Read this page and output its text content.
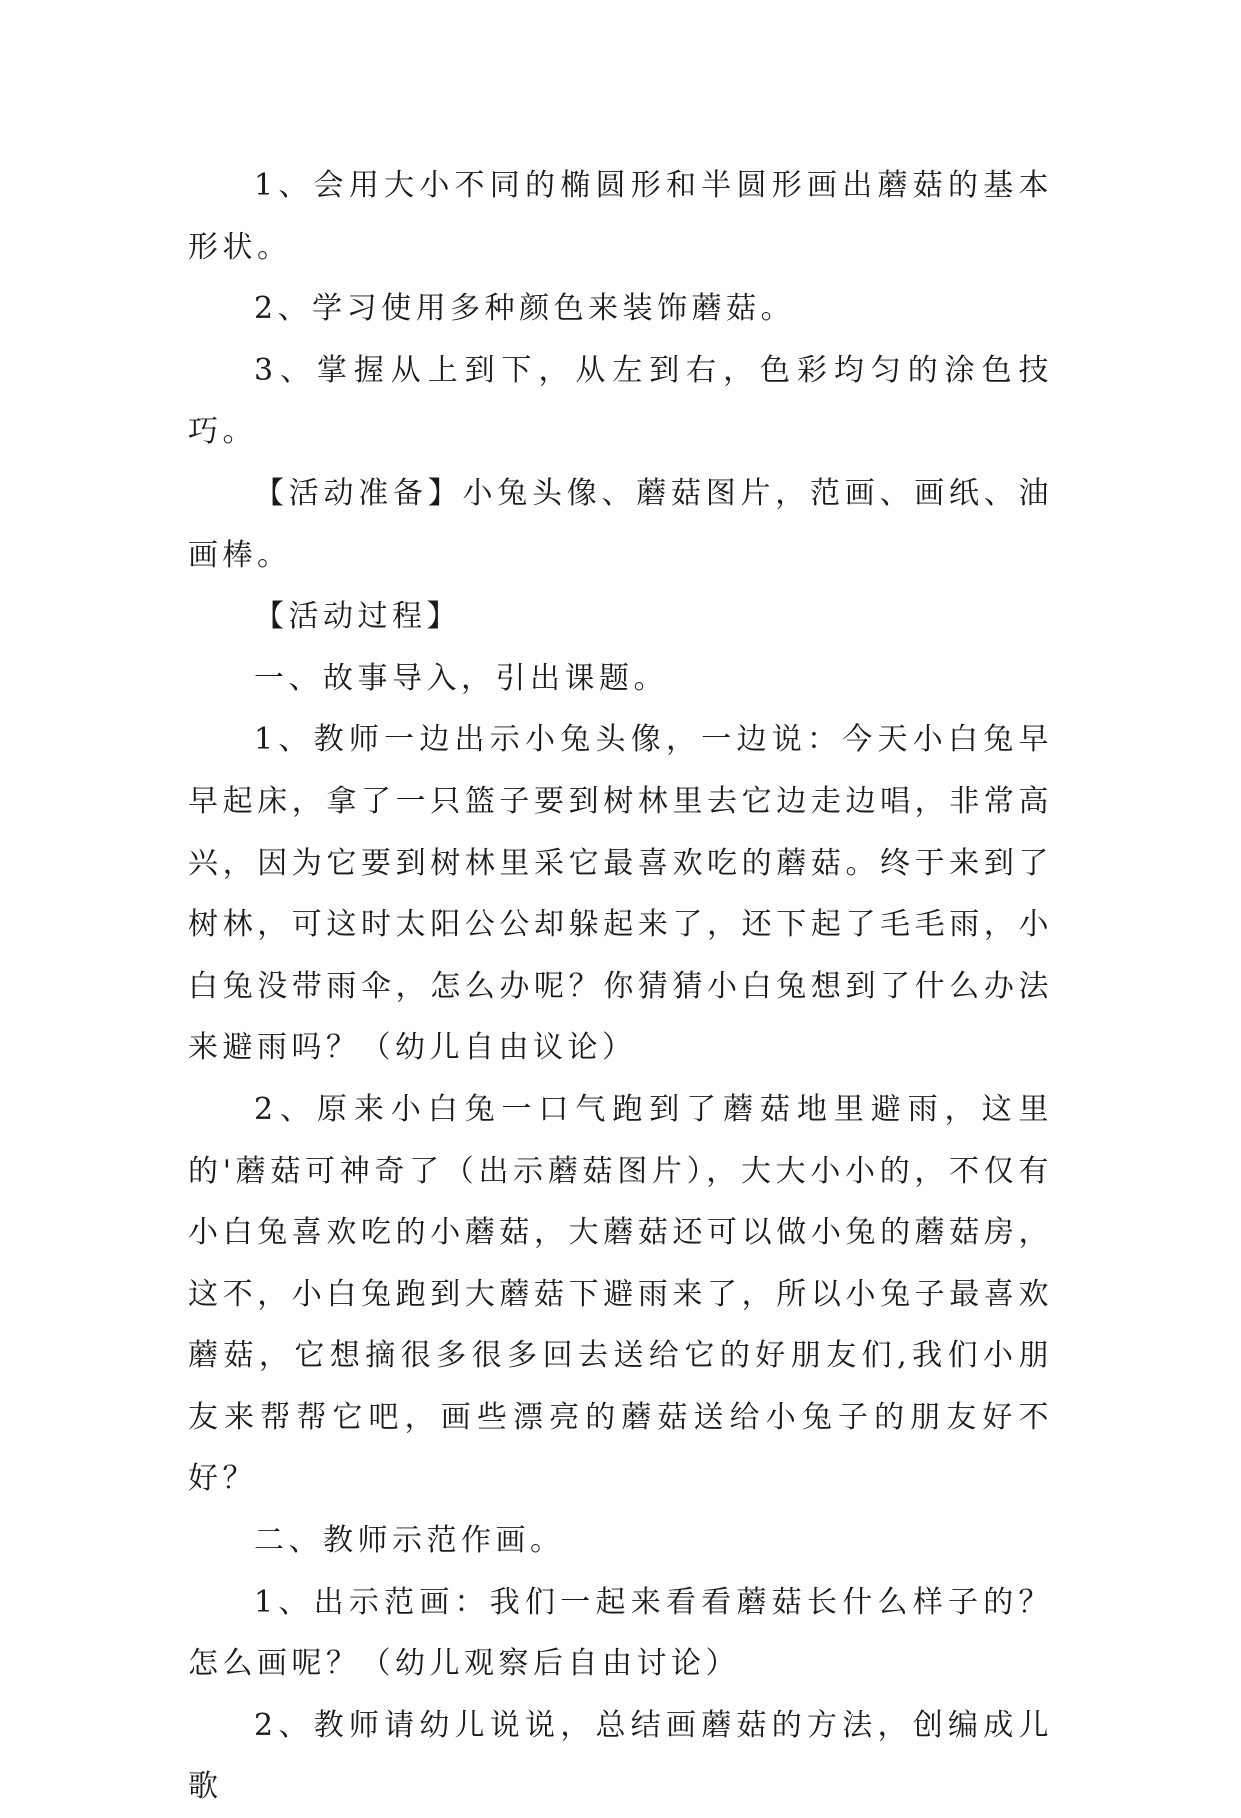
1、会用大小不同的椭圆形和半圆形画出蘑菇的基本形状。

2、学习使用多种颜色来装饰蘑菇。

3、掌握从上到下，从左到右，色彩均匀的涂色技巧。

【活动准备】小兔头像、蘑菇图片，范画、画纸、油画棒。

【活动过程】

一、故事导入，引出课题。

1、教师一边出示小兔头像，一边说：今天小白兔早早起床，拿了一只篮子要到树林里去它边走边唱，非常高兴，因为它要到树林里采它最喜欢吃的蘑菇。终于来到了树林，可这时太阳公公却躲起来了，还下起了毛毛雨，小白兔没带雨伞，怎么办呢？你猜猜小白兔想到了什么办法来避雨吗？（幼儿自由议论）

2、原来小白兔一口气跑到了蘑菇地里避雨，这里的'蘑菇可神奇了（出示蘑菇图片），大大小小的，不仅有小白兔喜欢吃的小蘑菇，大蘑菇还可以做小兔的蘑菇房，这不，小白兔跑到大蘑菇下避雨来了，所以小兔子最喜欢蘑菇，它想摘很多很多回去送给它的好朋友们,我们小朋友来帮帮它吧，画些漂亮的蘑菇送给小兔子的朋友好不好？

二、教师示范作画。

1、出示范画：我们一起来看看蘑菇长什么样子的？怎么画呢？（幼儿观察后自由讨论）

2、教师请幼儿说说，总结画蘑菇的方法，创编成儿歌
